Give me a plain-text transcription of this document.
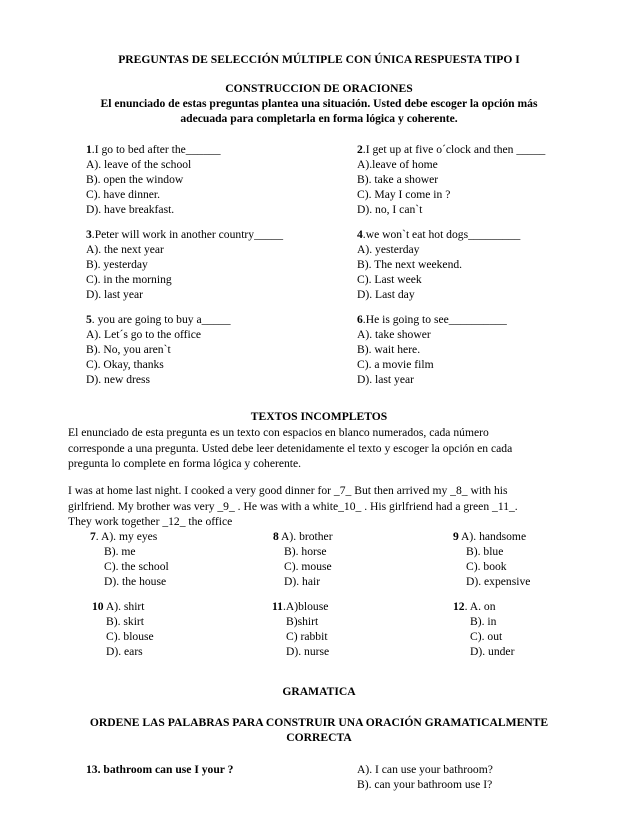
PREGUNTAS DE SELECCIÓN MÚLTIPLE CON ÚNICA RESPUESTA TIPO I
CONSTRUCCION DE ORACIONES
El enunciado de estas preguntas plantea una situación. Usted debe escoger la opción más
adecuada para completarla en forma lógica y coherente.
1.I go to bed after the______
A). leave of the school
B). open the window
C). have dinner.
D). have breakfast.
2.I get up at five o´clock and then _____
A).leave of home
B). take a shower
C). May I come in ?
D). no, I can`t
3.Peter will work in another country_____
A). the next year
B). yesterday
C). in the morning
D). last year
4.we won`t eat hot dogs_________
A). yesterday
B). The next weekend.
C). Last week
D). Last day
5. you are going to buy a_____
A). Let´s go to the office
B). No, you aren`t
C). Okay, thanks
D). new dress
6.He is going to see__________
A). take shower
B). wait here.
C). a movie film
D). last year
TEXTOS INCOMPLETOS
El enunciado de esta pregunta es un texto con espacios en blanco numerados, cada número
corresponde a una pregunta. Usted debe leer detenidamente el texto y escoger la opción en cada
pregunta lo complete en forma lógica y coherente.
I was at home last night. I cooked a very good dinner for _7_ But then arrived my _8_ with his
girlfriend. My brother was very _9_ . He was with a white_10_ . His girlfriend had a green _11_.
They work together _12_ the office
7. A). my eyes
B). me
C). the school
D). the house
8 A). brother
B). horse
C). mouse
D). hair
9 A). handsome
B). blue
C). book
D). expensive
10 A). shirt
B). skirt
C). blouse
D). ears
11.A)blouse
B)shirt
C) rabbit
D). nurse
12. A. on
B). in
C). out
D). under
GRAMATICA
ORDENE LAS PALABRAS PARA CONSTRUIR UNA ORACIÓN GRAMATICALMENTE
CORRECTA
13. bathroom can use I your ?	A). I can use your bathroom?
B). can your bathroom use I?
